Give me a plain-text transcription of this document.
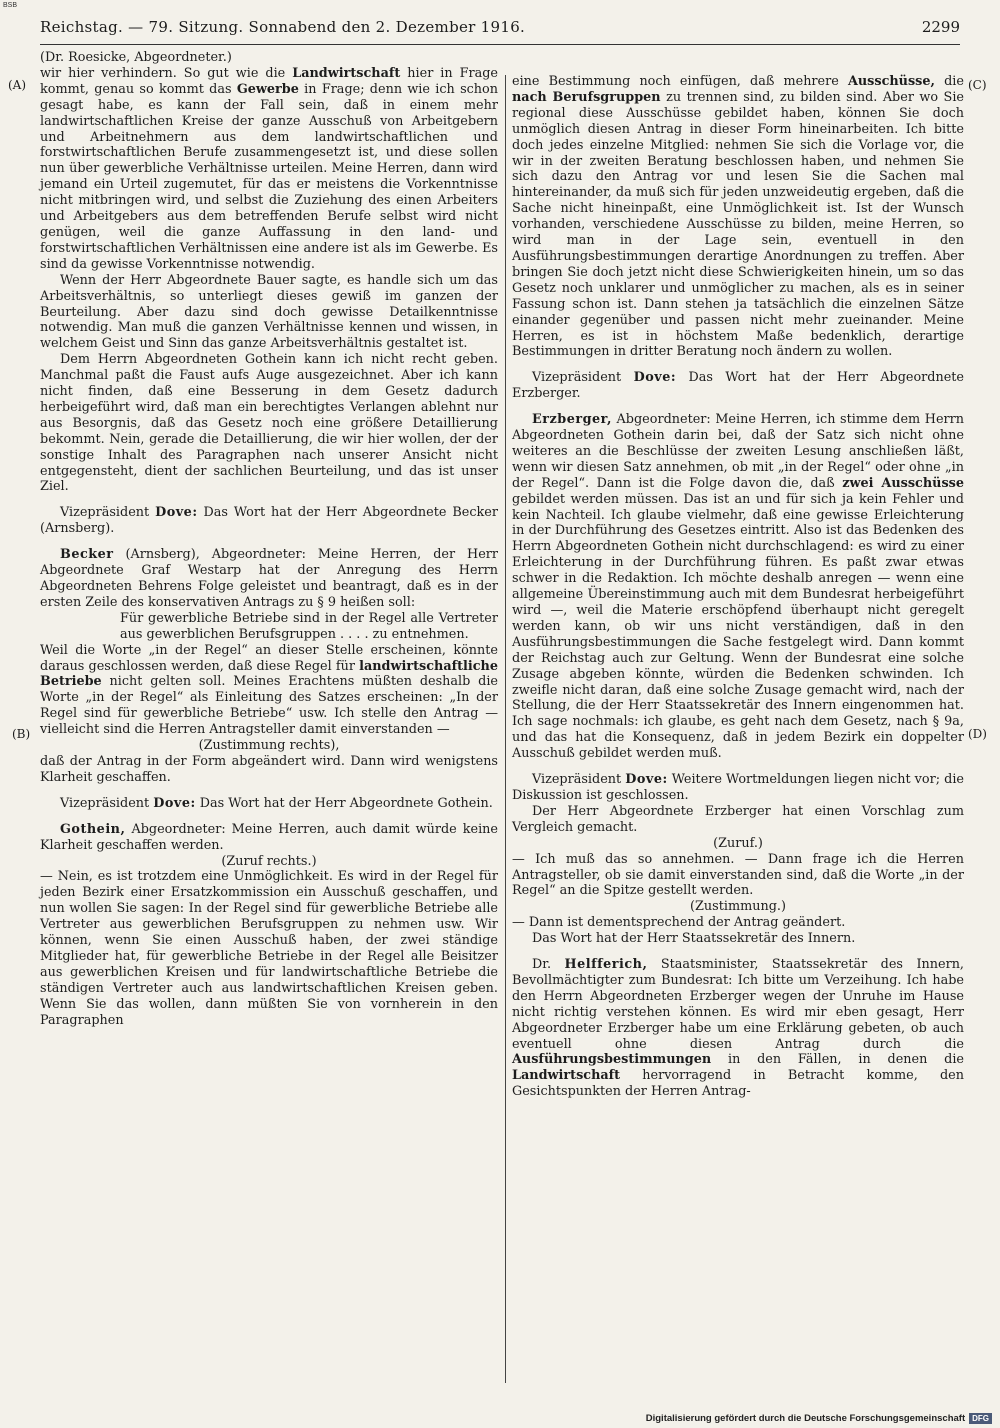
BSB
Reichstag. — 79. Sitzung. Sonnabend den 2. Dezember 1916.	2299
(A)
(B)
(C)
(D)

(Dr. Roesicke, Abgeordneter.)

wir hier verhindern. So gut wie die Landwirtschaft hier in Frage kommt, genau so kommt das Gewerbe in Frage; denn wie ich schon gesagt habe, es kann der Fall sein, daß in einem mehr landwirtschaftlichen Kreise der ganze Ausschuß von Arbeitgebern und Arbeitnehmern aus dem landwirtschaftlichen und forstwirtschaftlichen Berufe zusammengesetzt ist, und diese sollen nun über gewerbliche Verhältnisse urteilen. Meine Herren, dann wird jemand ein Urteil zugemutet, für das er meistens die Vorkenntnisse nicht mitbringen wird, und selbst die Zuziehung des einen Arbeiters und Arbeitgebers aus dem betreffenden Berufe selbst wird nicht genügen, weil die ganze Auffassung in den land- und forstwirtschaftlichen Verhältnissen eine andere ist als im Gewerbe. Es sind da gewisse Vorkenntnisse notwendig.

Wenn der Herr Abgeordnete Bauer sagte, es handle sich um das Arbeitsverhältnis, so unterliegt dieses gewiß im ganzen der Beurteilung. Aber dazu sind doch gewisse Detailkenntnisse notwendig. Man muß die ganzen Verhältnisse kennen und wissen, in welchem Geist und Sinn das ganze Arbeitsverhältnis gestaltet ist.

Dem Herrn Abgeordneten Gothein kann ich nicht recht geben. Manchmal paßt die Faust aufs Auge ausgezeichnet. Aber ich kann nicht finden, daß eine Besserung in dem Gesetz dadurch herbeigeführt wird, daß man ein berechtigtes Verlangen ablehnt nur aus Besorgnis, daß das Gesetz noch eine größere Detaillierung bekommt. Nein, gerade die Detaillierung, die wir hier wollen, der der sonstige Inhalt des Paragraphen nach unserer Ansicht nicht entgegensteht, dient der sachlichen Beurteilung, und das ist unser Ziel.

Vizepräsident Dove: Das Wort hat der Herr Abgeordnete Becker (Arnsberg).

Becker (Arnsberg), Abgeordneter: Meine Herren, der Herr Abgeordnete Graf Westarp hat der Anregung des Herrn Abgeordneten Behrens Folge geleistet und beantragt, daß es in der ersten Zeile des konservativen Antrags zu § 9 heißen soll:

Für gewerbliche Betriebe sind in der Regel alle Vertreter aus gewerblichen Berufsgruppen . . . . zu entnehmen.

Weil die Worte „in der Regel“ an dieser Stelle erscheinen, könnte daraus geschlossen werden, daß diese Regel für landwirtschaftliche Betriebe nicht gelten soll. Meines Erachtens müßten deshalb die Worte „in der Regel“ als Einleitung des Satzes erscheinen: „In der Regel sind für gewerbliche Betriebe“ usw. Ich stelle den Antrag — vielleicht sind die Herren Antragsteller damit einverstanden —

(Zustimmung rechts),

daß der Antrag in der Form abgeändert wird. Dann wird wenigstens Klarheit geschaffen.

Vizepräsident Dove: Das Wort hat der Herr Abgeordnete Gothein.

Gothein, Abgeordneter: Meine Herren, auch damit würde keine Klarheit geschaffen werden.

(Zuruf rechts.)

— Nein, es ist trotzdem eine Unmöglichkeit. Es wird in der Regel für jeden Bezirk einer Ersatzkommission ein Ausschuß geschaffen, und nun wollen Sie sagen: In der Regel sind für gewerbliche Betriebe alle Vertreter aus gewerblichen Berufsgruppen zu nehmen usw. Wir können, wenn Sie einen Ausschuß haben, der zwei ständige Mitglieder hat, für gewerbliche Betriebe in der Regel alle Beisitzer aus gewerblichen Kreisen und für landwirtschaftliche Betriebe die ständigen Vertreter auch aus landwirtschaftlichen Kreisen geben. Wenn Sie das wollen, dann müßten Sie von vornherein in den Paragraphen

eine Bestimmung noch einfügen, daß mehrere Ausschüsse, die nach Berufsgruppen zu trennen sind, zu bilden sind. Aber wo Sie regional diese Ausschüsse gebildet haben, können Sie doch unmöglich diesen Antrag in dieser Form hineinarbeiten. Ich bitte doch jedes einzelne Mitglied: nehmen Sie sich die Vorlage vor, die wir in der zweiten Beratung beschlossen haben, und nehmen Sie sich dazu den Antrag vor und lesen Sie die Sachen mal hintereinander, da muß sich für jeden unzweideutig ergeben, daß die Sache nicht hineinpaßt, eine Unmöglichkeit ist. Ist der Wunsch vorhanden, verschiedene Ausschüsse zu bilden, meine Herren, so wird man in der Lage sein, eventuell in den Ausführungsbestimmungen derartige Anordnungen zu treffen. Aber bringen Sie doch jetzt nicht diese Schwierigkeiten hinein, um so das Gesetz noch unklarer und unmöglicher zu machen, als es in seiner Fassung schon ist. Dann stehen ja tatsächlich die einzelnen Sätze einander gegenüber und passen nicht mehr zueinander. Meine Herren, es ist in höchstem Maße bedenklich, derartige Bestimmungen in dritter Beratung noch ändern zu wollen.

Vizepräsident Dove: Das Wort hat der Herr Abgeordnete Erzberger.

Erzberger, Abgeordneter: Meine Herren, ich stimme dem Herrn Abgeordneten Gothein darin bei, daß der Satz sich nicht ohne weiteres an die Beschlüsse der zweiten Lesung anschließen läßt, wenn wir diesen Satz annehmen, ob mit „in der Regel“ oder ohne „in der Regel“. Dann ist die Folge davon die, daß zwei Ausschüsse gebildet werden müssen. Das ist an und für sich ja kein Fehler und kein Nachteil. Ich glaube vielmehr, daß eine gewisse Erleichterung in der Durchführung des Gesetzes eintritt. Also ist das Bedenken des Herrn Abgeordneten Gothein nicht durchschlagend: es wird zu einer Erleichterung in der Durchführung führen. Es paßt zwar etwas schwer in die Redaktion. Ich möchte deshalb anregen — wenn eine allgemeine Übereinstimmung auch mit dem Bundesrat herbeigeführt wird —, weil die Materie erschöpfend überhaupt nicht geregelt werden kann, ob wir uns nicht verständigen, daß in den Ausführungsbestimmungen die Sache festgelegt wird. Dann kommt der Reichstag auch zur Geltung. Wenn der Bundesrat eine solche Zusage abgeben könnte, würden die Bedenken schwinden. Ich zweifle nicht daran, daß eine solche Zusage gemacht wird, nach der Stellung, die der Herr Staatssekretär des Innern eingenommen hat. Ich sage nochmals: ich glaube, es geht nach dem Gesetz, nach § 9a, und das hat die Konsequenz, daß in jedem Bezirk ein doppelter Ausschuß gebildet werden muß.

Vizepräsident Dove: Weitere Wortmeldungen liegen nicht vor; die Diskussion ist geschlossen.

Der Herr Abgeordnete Erzberger hat einen Vorschlag zum Vergleich gemacht.

(Zuruf.)

— Ich muß das so annehmen. — Dann frage ich die Herren Antragsteller, ob sie damit einverstanden sind, daß die Worte „in der Regel“ an die Spitze gestellt werden.

(Zustimmung.)

— Dann ist dementsprechend der Antrag geändert.

Das Wort hat der Herr Staatssekretär des Innern.

Dr. Helfferich, Staatsminister, Staatssekretär des Innern, Bevollmächtigter zum Bundesrat: Ich bitte um Verzeihung. Ich habe den Herrn Abgeordneten Erzberger wegen der Unruhe im Hause nicht richtig verstehen können. Es wird mir eben gesagt, Herr Abgeordneter Erzberger habe um eine Erklärung gebeten, ob auch eventuell ohne diesen Antrag durch die Ausführungsbestimmungen in den Fällen, in denen die Landwirtschaft hervorragend in Betracht komme, den Gesichtspunkten der Herren Antrag-

Digitalisierung gefördert durch die Deutsche Forschungsgemeinschaft DFG
